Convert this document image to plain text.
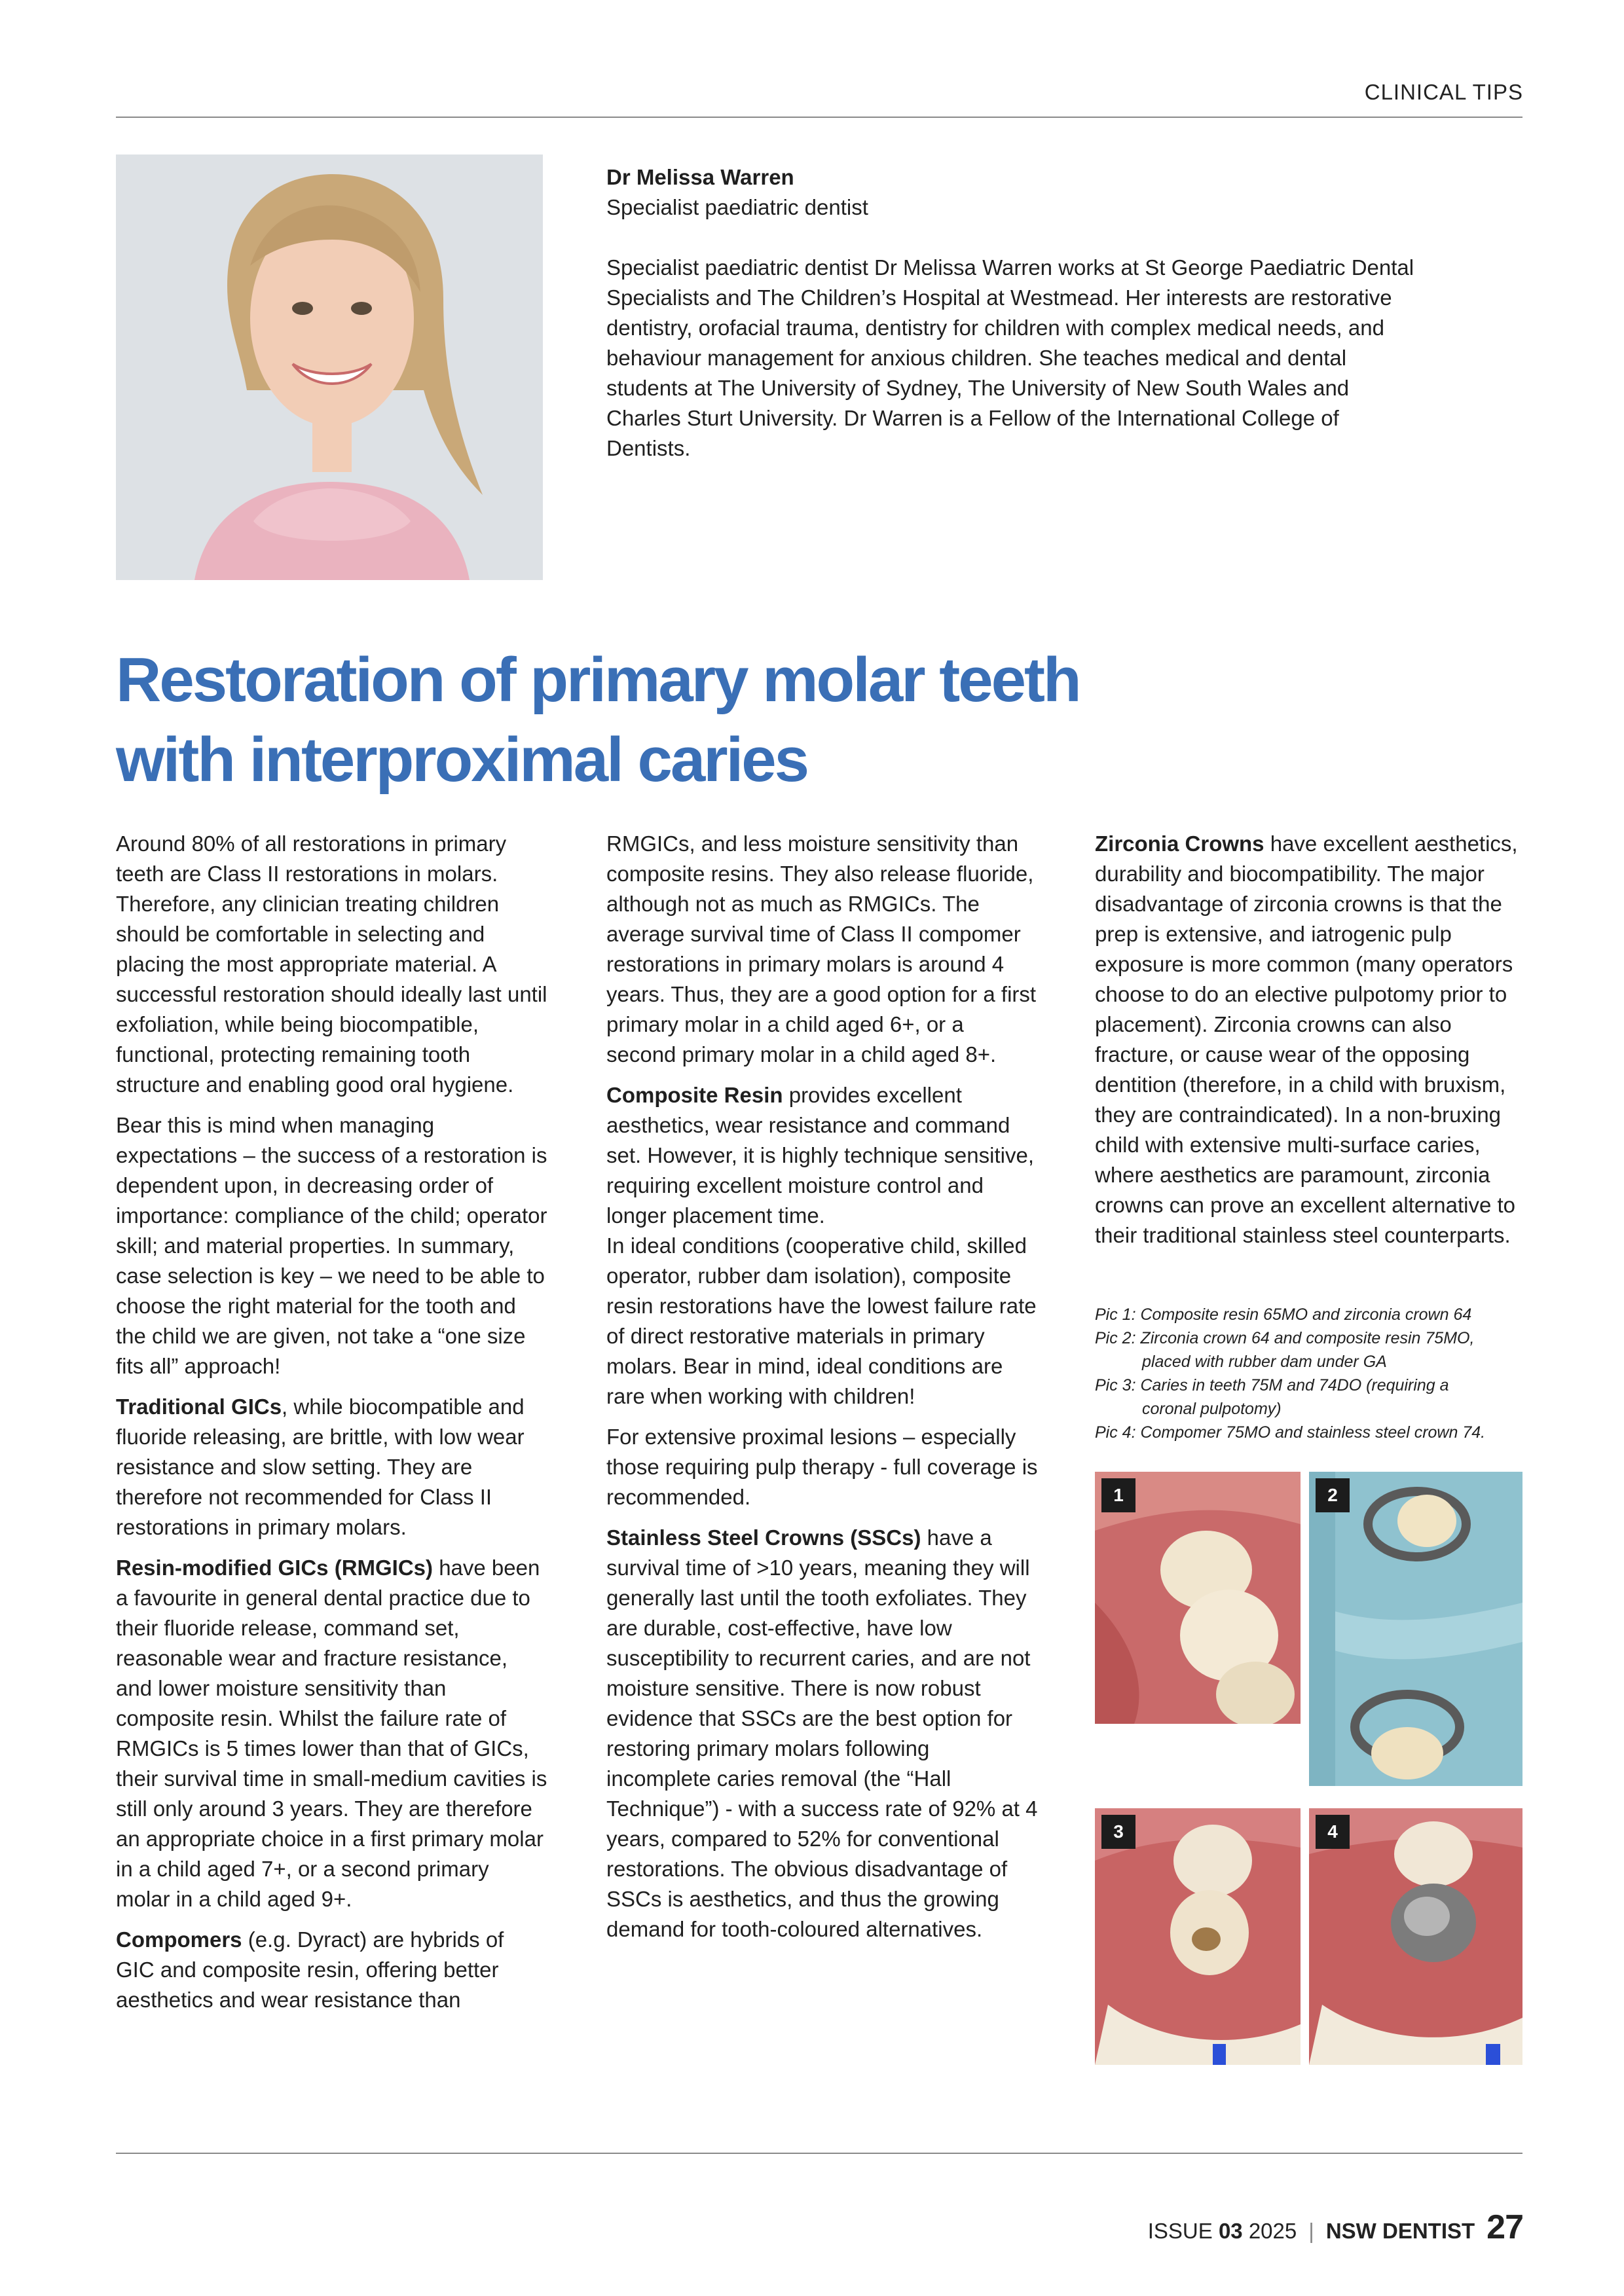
CLINICAL TIPS

Dr Melissa Warren

Specialist paediatric dentist

Specialist paediatric dentist Dr Melissa Warren works at St George Paediatric Dental Specialists and The Children’s Hospital at Westmead. Her interests are restorative dentistry, orofacial trauma, dentistry for children with complex medical needs, and behaviour management for anxious children. She teaches medical and dental students at The University of Sydney, The University of New South Wales and Charles Sturt University. Dr Warren is a Fellow of the International College of Dentists.

Restoration of primary molar teeth
with interproximal caries

Around 80% of all restorations in primary teeth are Class II restorations in molars. Therefore, any clinician treating children should be comfortable in selecting and placing the most appropriate material. A successful restoration should ideally last until exfoliation, while being biocompatible, functional, protecting remaining tooth structure and enabling good oral hygiene.

Bear this is mind when managing expectations – the success of a restoration is dependent upon, in decreasing order of importance: compliance of the child; operator skill; and material properties. In summary, case selection is key – we need to be able to choose the right material for the tooth and the child we are given, not take a “one size fits all” approach!

Traditional GICs, while biocompatible and fluoride releasing, are brittle, with low wear resistance and slow setting. They are therefore not recommended for Class II restorations in primary molars.

Resin-modified GICs (RMGICs) have been a favourite in general dental practice due to their fluoride release, command set, reasonable wear and fracture resistance, and lower moisture sensitivity than composite resin. Whilst the failure rate of RMGICs is 5 times lower than that of GICs, their survival time in small-medium cavities is still only around 3 years. They are therefore an appropriate choice in a first primary molar in a child aged 7+, or a second primary molar in a child aged 9+.

Compomers (e.g. Dyract) are hybrids of GIC and composite resin, offering better aesthetics and wear resistance than

RMGICs, and less moisture sensitivity than composite resins. They also release fluoride, although not as much as RMGICs. The average survival time of Class II compomer restorations in primary molars is around 4 years. Thus, they are a good option for a first primary molar in a child aged 6+, or a second primary molar in a child aged 8+.

Composite Resin provides excellent aesthetics, wear resistance and command set. However, it is highly technique sensitive, requiring excellent moisture control and longer placement time.

In ideal conditions (cooperative child, skilled operator, rubber dam isolation), composite resin restorations have the lowest failure rate of direct restorative materials in primary molars. Bear in mind, ideal conditions are rare when working with children!

For extensive proximal lesions – especially those requiring pulp therapy - full coverage is recommended.

Stainless Steel Crowns (SSCs) have a survival time of >10 years, meaning they will generally last until the tooth exfoliates. They are durable, cost-effective, have low susceptibility to recurrent caries, and are not moisture sensitive. There is now robust evidence that SSCs are the best option for restoring primary molars following incomplete caries removal (the “Hall Technique”) - with a success rate of 92% at 4 years, compared to 52% for conventional restorations. The obvious disadvantage of SSCs is aesthetics, and thus the growing demand for tooth-coloured alternatives.

Zirconia Crowns have excellent aesthetics, durability and biocompatibility. The major disadvantage of zirconia crowns is that the prep is extensive, and iatrogenic pulp exposure is more common (many operators choose to do an elective pulpotomy prior to placement). Zirconia crowns can also fracture, or cause wear of the opposing dentition (therefore, in a child with bruxism, they are contraindicated). In a non-bruxing child with extensive multi-surface caries, where aesthetics are paramount, zirconia crowns can prove an excellent alternative to their traditional stainless steel counterparts.

Pic 1: Composite resin 65MO and zirconia crown 64
Pic 2: Zirconia crown 64 and composite resin 75MO,
placed with rubber dam under GA
Pic 3: Caries in teeth 75M and 74DO (requiring a
coronal pulpotomy)
Pic 4: Compomer 75MO and stainless steel crown 74.
1	2
3	4
ISSUE 03 2025 | NSW DENTIST 27
